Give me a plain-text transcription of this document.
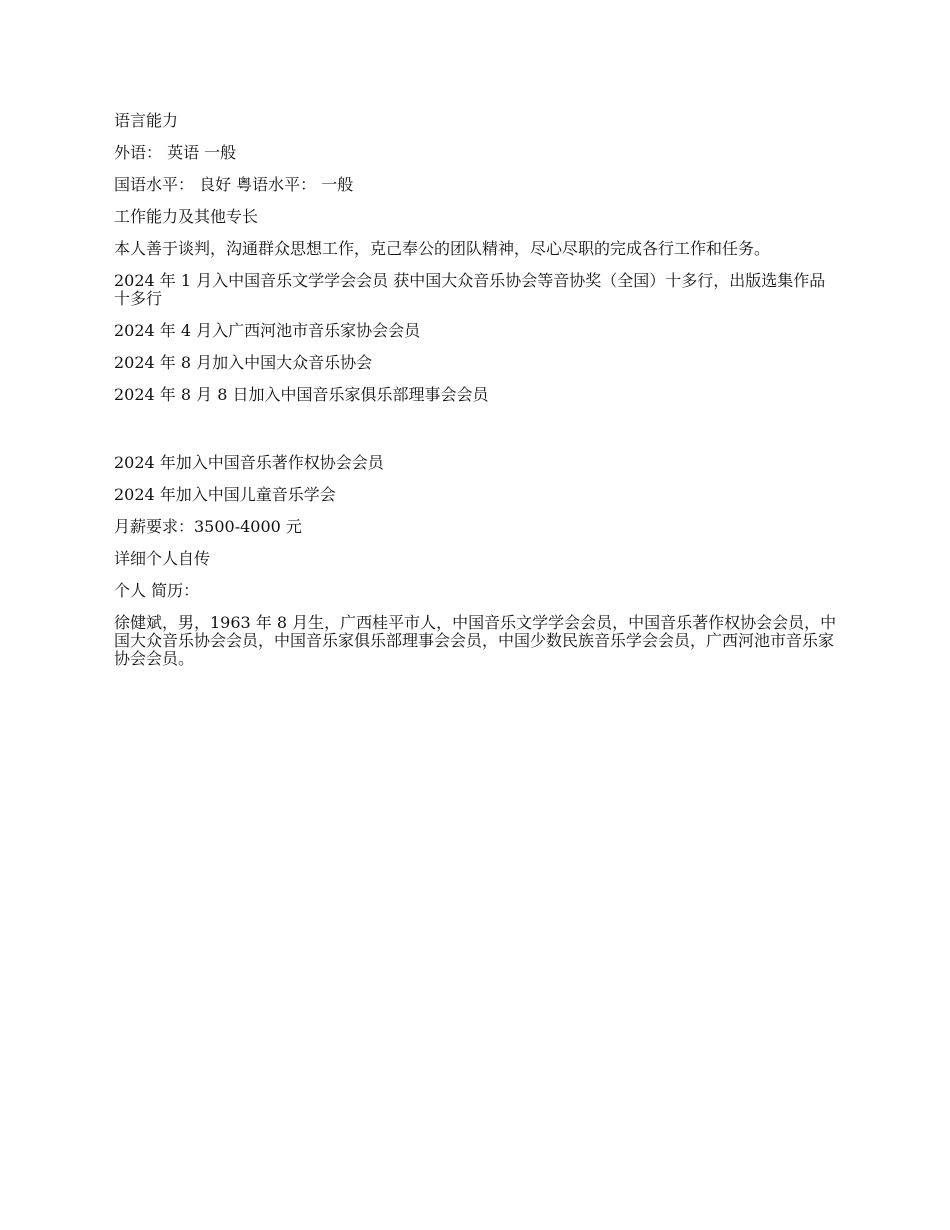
语言能力

外语： 英语 一般

国语水平： 良好 粤语水平： 一般

工作能力及其他专长

本人善于谈判，沟通群众思想工作，克己奉公的团队精神，尽心尽职的完成各行工作和任务。

2024 年 1 月入中国音乐文学学会会员 获中国大众音乐协会等音协奖（全国）十多行，出版选集作品十多行

2024 年 4 月入广西河池市音乐家协会会员

2024 年 8 月加入中国大众音乐协会

2024 年 8 月 8 日加入中国音乐家俱乐部理事会会员

2024 年加入中国音乐著作权协会会员

2024 年加入中国儿童音乐学会

月薪要求：3500-4000 元

详细个人自传

个人 简历：

徐健斌，男，1963 年 8 月生，广西桂平市人，中国音乐文学学会会员，中国音乐著作权协会会员，中国大众音乐协会会员，中国音乐家俱乐部理事会会员，中国少数民族音乐学会会员，广西河池市音乐家协会会员。
